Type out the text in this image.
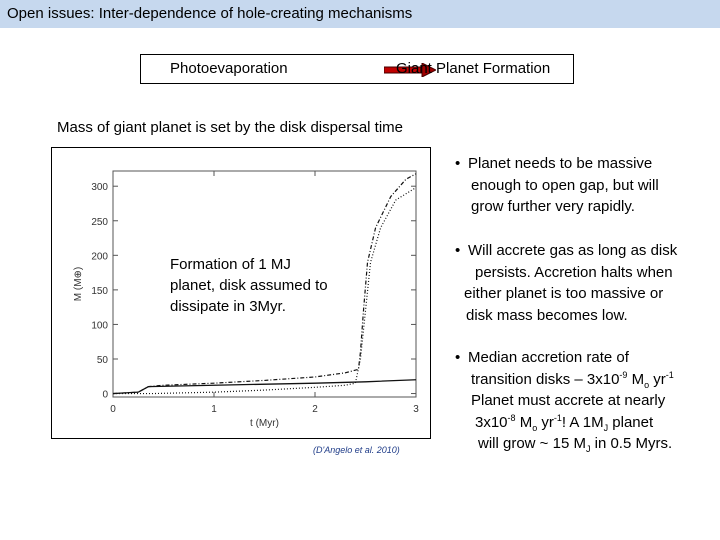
Open issues: Inter-dependence of hole-creating mechanisms
Photoevaporation	Giant Planet Formation
Mass of giant planet is set by the disk dispersal time
0
50
100
150
200
250
300
0	1	2	3
t (Myr)
M (M⊕)
Formation of 1 MJ
planet, disk assumed to
dissipate in 3Myr.
(D'Angelo et al. 2010)
• Planet needs to be massive
enough to open gap, but will
grow further very rapidly.
• Will accrete gas as long as disk
persists. Accretion halts when
either planet is too massive or
disk mass becomes low.
• Median accretion rate of
transition disks – $3x10^{-9}$ $M_o$ $yr^{-1}$
Planet must accrete at nearly
$3x10^{-8}$ $M_o$ $yr^{-1}$! A $1M_J$ planet
will grow ~ 15 $M_J$ in 0.5 Myrs.
